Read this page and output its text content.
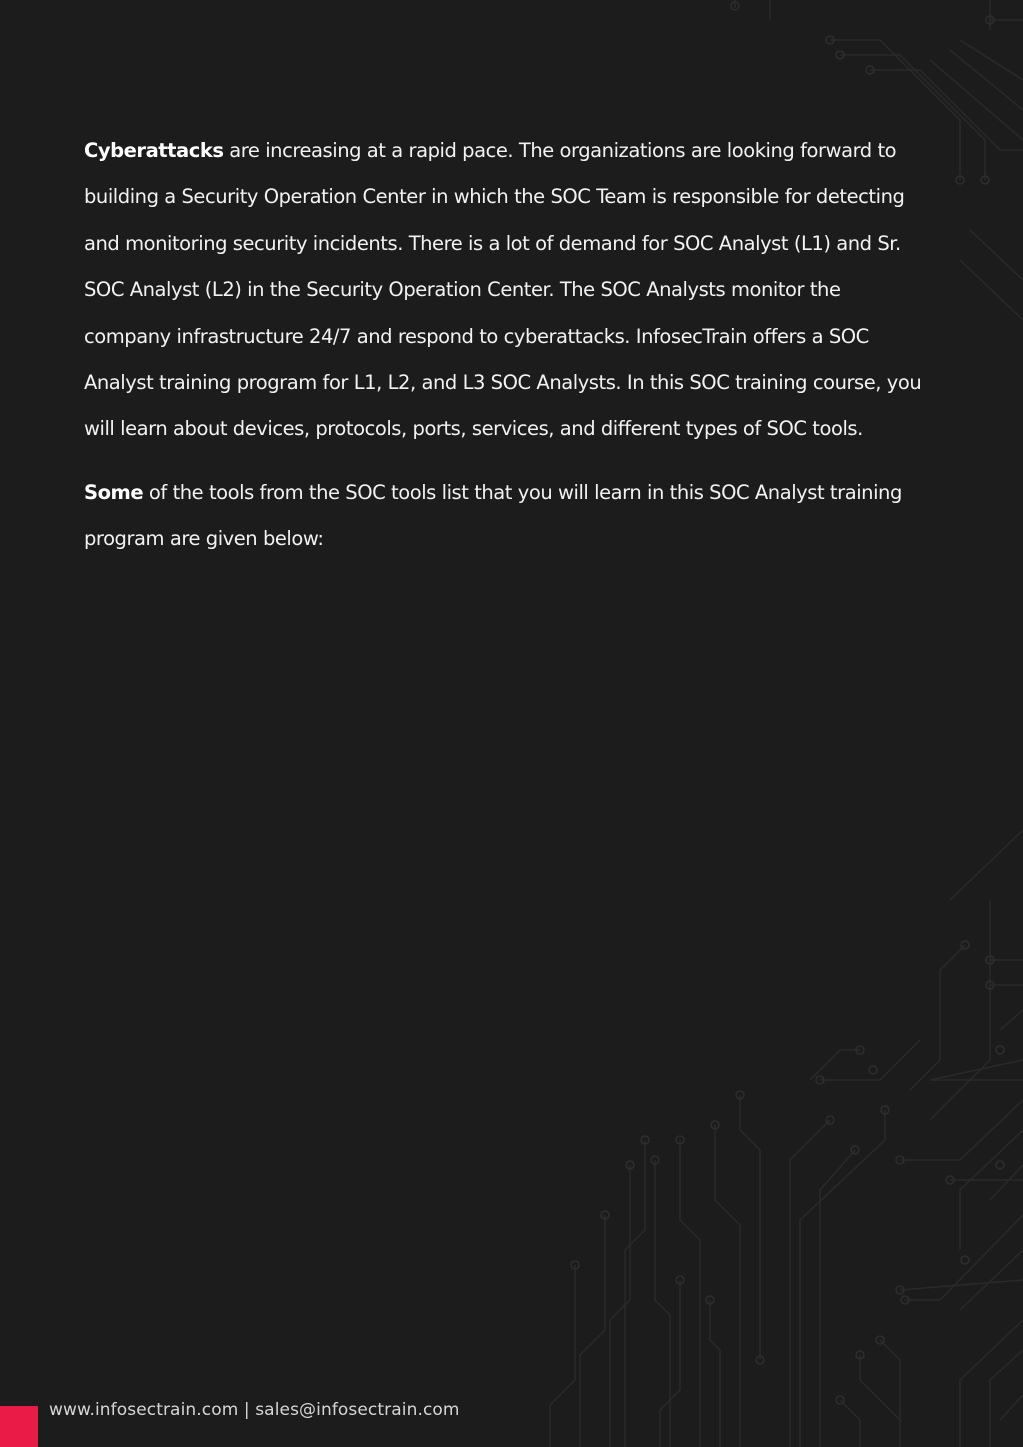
Cyberattacks are increasing at a rapid pace. The organizations are looking forward to building a Security Operation Center in which the SOC Team is responsible for detecting and monitoring security incidents. There is a lot of demand for SOC Analyst (L1) and Sr. SOC Analyst (L2) in the Security Operation Center. The SOC Analysts monitor the company infrastructure 24/7 and respond to cyberattacks. InfosecTrain offers a SOC Analyst training program for L1, L2, and L3 SOC Analysts. In this SOC training course, you will learn about devices, protocols, ports, services, and different types of SOC tools.

Some of the tools from the SOC tools list that you will learn in this SOC Analyst training program are given below:

www.infosectrain.com | sales@infosectrain.com
